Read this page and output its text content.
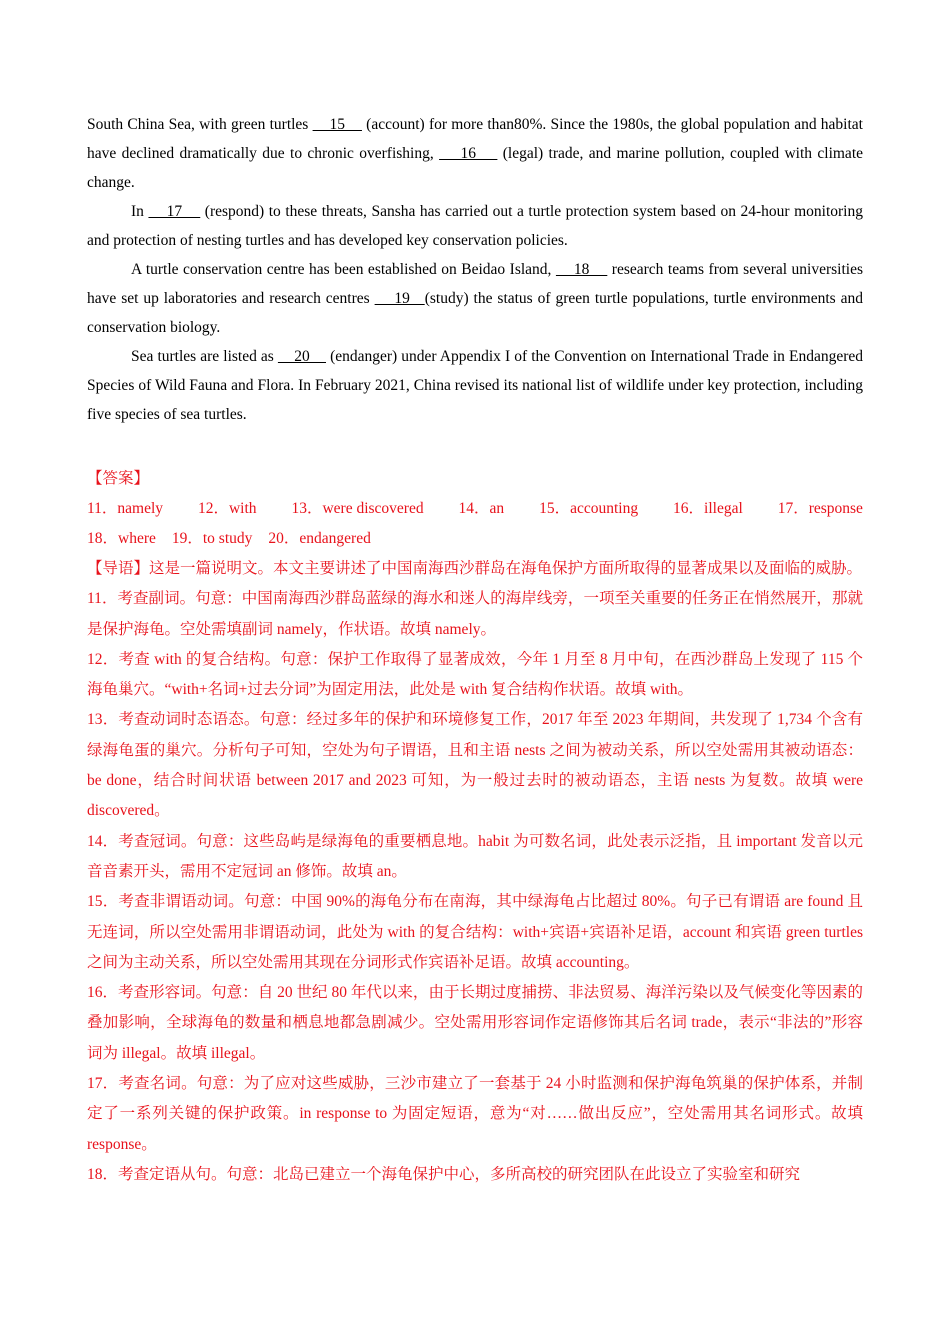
South China Sea, with green turtles     15     (account) for more than80%. Since the 1980s, the global population and habitat have declined dramatically due to chronic overfishing,     16     (legal) trade, and marine pollution, coupled with climate change.

In     17     (respond) to these threats, Sansha has carried out a turtle protection system based on 24-hour monitoring and protection of nesting turtles and has developed key conservation policies.

A turtle conservation centre has been established on Beidao Island,     18     research teams from several universities have set up laboratories and research centres     19   (study) the status of green turtle populations, turtle environments and conservation biology.

Sea turtles are listed as     20     (endanger) under Appendix I of the Convention on International Trade in Endangered Species of Wild Fauna and Flora. In February 2021, China revised its national list of wildlife under key protection, including five species of sea turtles.

【答案】

11．namely 12．with 13．were discovered 14．an 15．accounting 16．illegal 17．response
18．where 19．to study 20．endangered

【导语】这是一篇说明文。本文主要讲述了中国南海西沙群岛在海龟保护方面所取得的显著成果以及面临的威胁。

11．考查副词。句意：中国南海西沙群岛蓝绿的海水和迷人的海岸线旁，一项至关重要的任务正在悄然展开，那就是保护海龟。空处需填副词 namely，作状语。故填 namely。

12．考查 with 的复合结构。句意：保护工作取得了显著成效，今年 1 月至 8 月中旬，在西沙群岛上发现了 115 个海龟巢穴。“with+名词+过去分词”为固定用法，此处是 with 复合结构作状语。故填 with。

13．考查动词时态语态。句意：经过多年的保护和环境修复工作，2017 年至 2023 年期间，共发现了 1,734 个含有绿海龟蛋的巢穴。分析句子可知，空处为句子谓语，且和主语 nests 之间为被动关系，所以空处需用其被动语态：be done，结合时间状语 between 2017 and 2023 可知，为一般过去时的被动语态，主语 nests 为复数。故填 were discovered。

14．考查冠词。句意：这些岛屿是绿海龟的重要栖息地。habit 为可数名词，此处表示泛指，且 important 发音以元音音素开头，需用不定冠词 an 修饰。故填 an。

15．考查非谓语动词。句意：中国 90%的海龟分布在南海，其中绿海龟占比超过 80%。句子已有谓语 are found 且无连词，所以空处需用非谓语动词，此处为 with 的复合结构：with+宾语+宾语补足语，account 和宾语 green turtles 之间为主动关系，所以空处需用其现在分词形式作宾语补足语。故填 accounting。

16．考查形容词。句意：自 20 世纪 80 年代以来，由于长期过度捕捞、非法贸易、海洋污染以及气候变化等因素的叠加影响，全球海龟的数量和栖息地都急剧减少。空处需用形容词作定语修饰其后名词 trade，表示“非法的”形容词为 illegal。故填 illegal。

17．考查名词。句意：为了应对这些威胁，三沙市建立了一套基于 24 小时监测和保护海龟筑巢的保护体系，并制定了一系列关键的保护政策。in response to 为固定短语，意为“对……做出反应”，空处需用其名词形式。故填 response。

18．考查定语从句。句意：北岛已建立一个海龟保护中心，多所高校的研究团队在此设立了实验室和研究
